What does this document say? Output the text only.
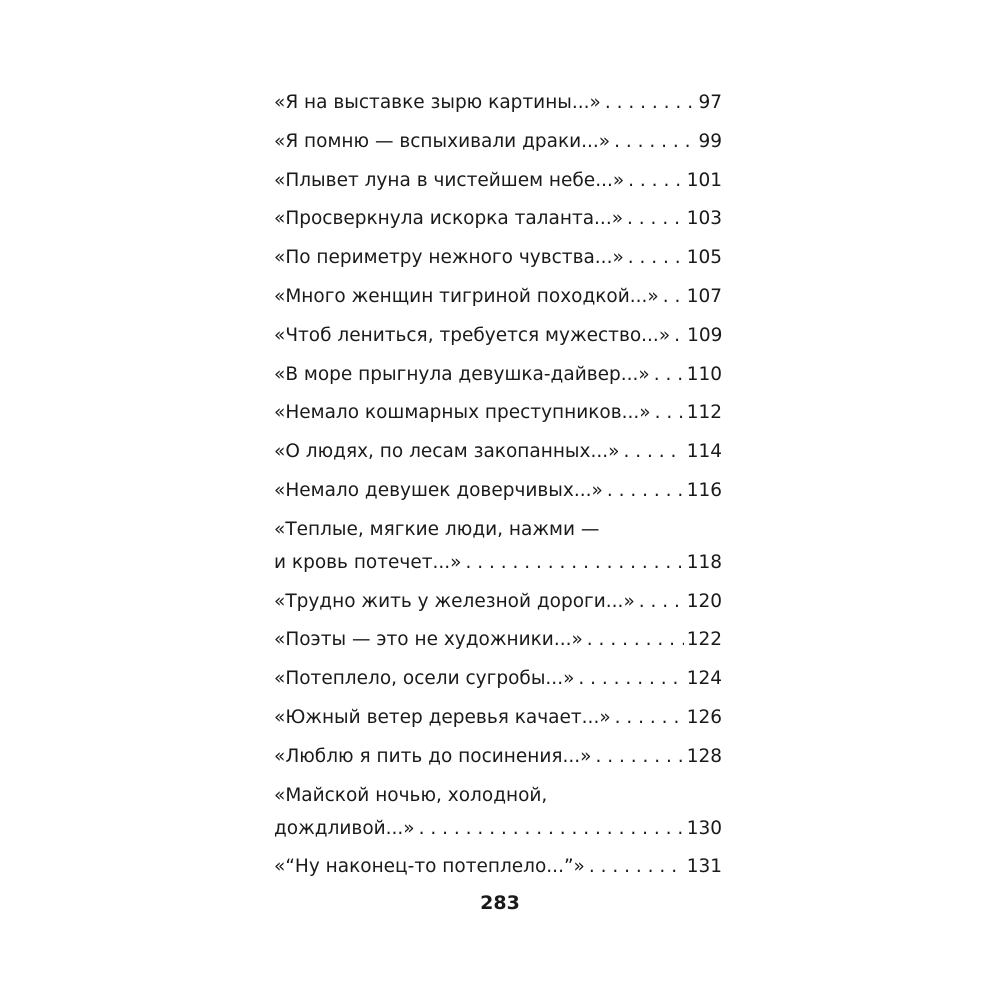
«Я на выставке зырю картины...» . . .	97
«Я помню — вспыхивали драки...» . . .	99
«Плывет луна в чистейшем небе...» . . .	101
«Просверкнула искорка таланта...» . . .	103
«По периметру нежного чувства...» . . .	105
«Много женщин тигриной походкой...» . . . 107
«Чтоб лениться, требуется мужество...» . . . 109
«В море прыгнула девушка-дайвер...» . . . 110
«Немало кошмарных преступников...» . . . 112
«О людях, по лесам закопанных...» . . .	114
«Немало девушек доверчивых...» . . .	116
«Теплые, мягкие люди, нажми —
и кровь потечет...» . . .	118
«Трудно жить у железной дороги...» . . .	120
«Поэты — это не художники...» . . .	122
«Потеплело, осели сугробы...» . . .	124
«Южный ветер деревья качает...» . . .	126
«Люблю я пить до посинения...» . . .	128
«Майской ночью, холодной,
дождливой...» . . .	130
«“Ну наконец-то потеплело...”» . . .	131
283
